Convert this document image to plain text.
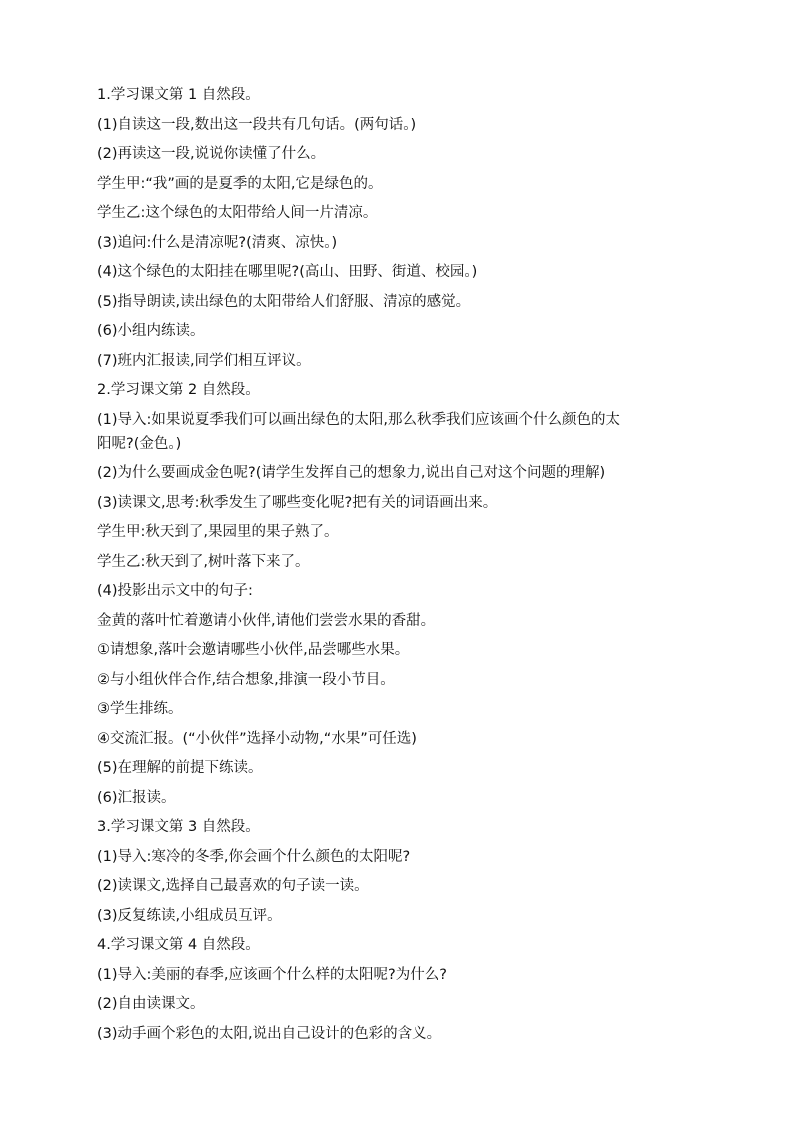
1.学习课文第 1 自然段。
(1)自读这一段,数出这一段共有几句话。(两句话。)
(2)再读这一段,说说你读懂了什么。
学生甲:“我”画的是夏季的太阳,它是绿色的。
学生乙:这个绿色的太阳带给人间一片清凉。
(3)追问:什么是清凉呢?(清爽、凉快。)
(4)这个绿色的太阳挂在哪里呢?(高山、田野、街道、校园。)
(5)指导朗读,读出绿色的太阳带给人们舒服、清凉的感觉。
(6)小组内练读。
(7)班内汇报读,同学们相互评议。
2.学习课文第 2 自然段。
(1)导入:如果说夏季我们可以画出绿色的太阳,那么秋季我们应该画个什么颜色的太
阳呢?(金色。)
(2)为什么要画成金色呢?(请学生发挥自己的想象力,说出自己对这个问题的理解)
(3)读课文,思考:秋季发生了哪些变化呢?把有关的词语画出来。
学生甲:秋天到了,果园里的果子熟了。
学生乙:秋天到了,树叶落下来了。
(4)投影出示文中的句子:
金黄的落叶忙着邀请小伙伴,请他们尝尝水果的香甜。
①请想象,落叶会邀请哪些小伙伴,品尝哪些水果。
②与小组伙伴合作,结合想象,排演一段小节目。
③学生排练。
④交流汇报。(“小伙伴”选择小动物,“水果”可任选)
(5)在理解的前提下练读。
(6)汇报读。
3.学习课文第 3 自然段。
(1)导入:寒冷的冬季,你会画个什么颜色的太阳呢?
(2)读课文,选择自己最喜欢的句子读一读。
(3)反复练读,小组成员互评。
4.学习课文第 4 自然段。
(1)导入:美丽的春季,应该画个什么样的太阳呢?为什么?
(2)自由读课文。
(3)动手画个彩色的太阳,说出自己设计的色彩的含义。
